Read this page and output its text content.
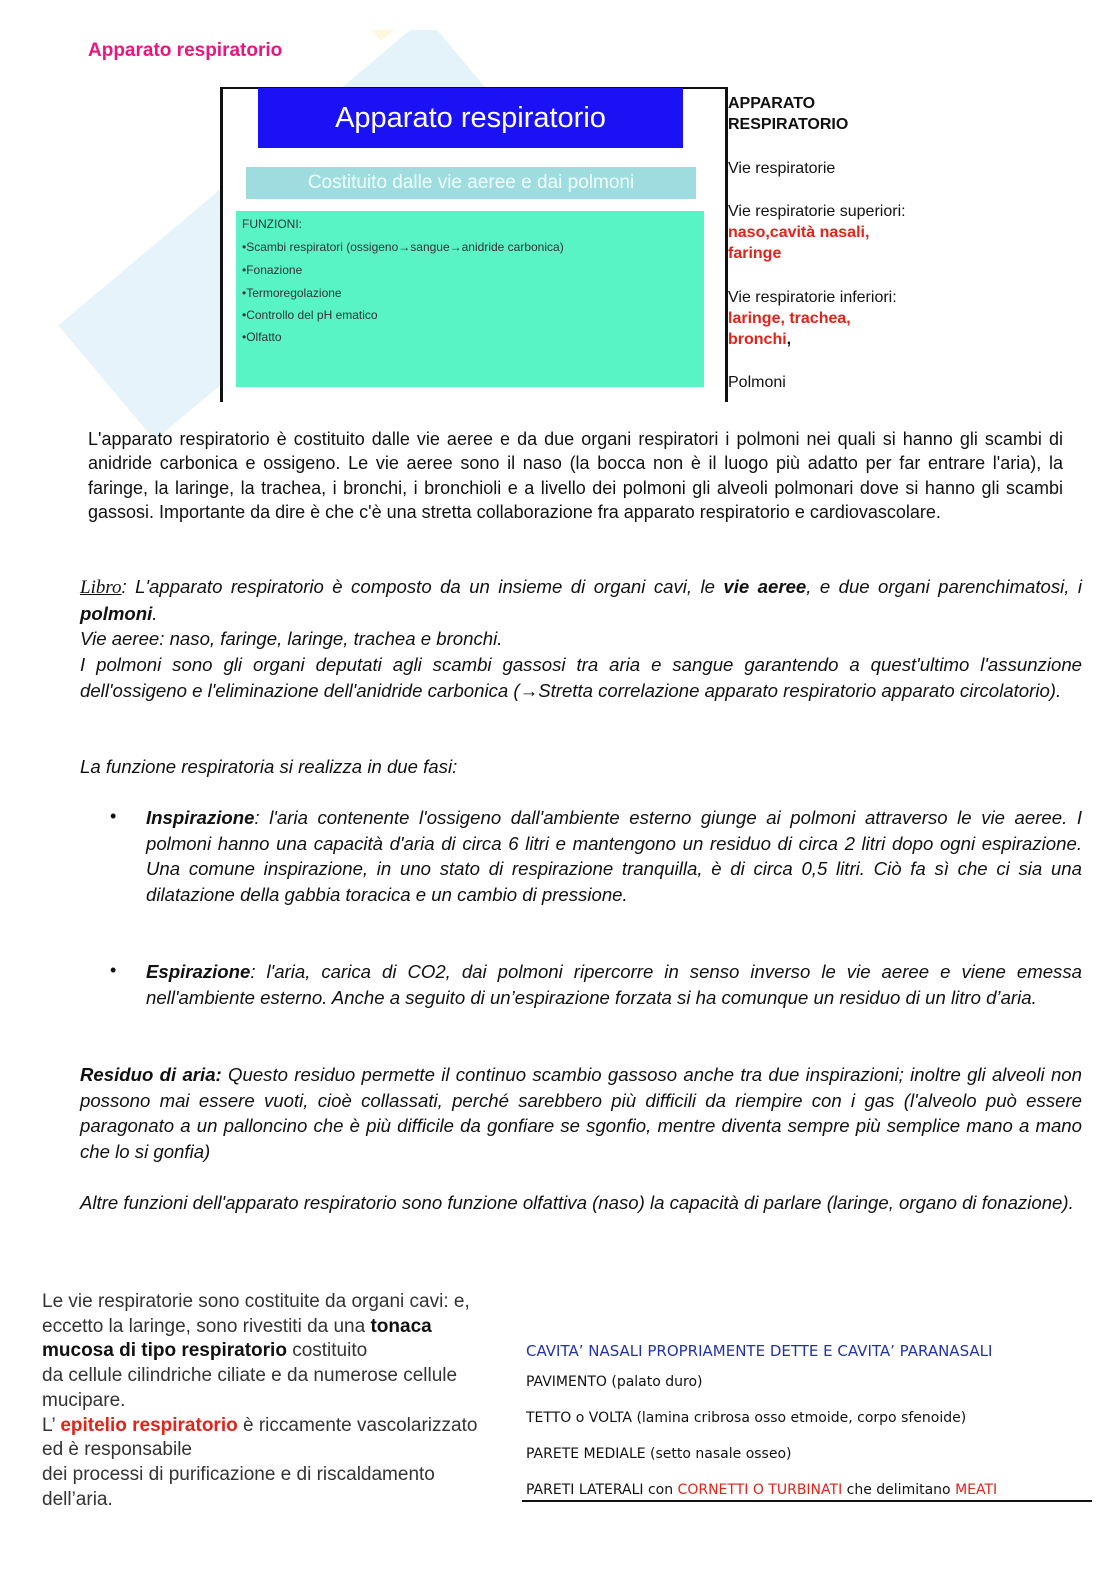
Apparato respiratorio
Apparato respiratorio
Costituito dalle vie aeree e dai polmoni
FUNZIONI:
•Scambi respiratori (ossigeno→sangue→anidride carbonica)
•Fonazione
•Termoregolazione
•Controllo del pH ematico
•Olfatto
APPARATO
RESPIRATORIO
Vie respiratorie
Vie respiratorie superiori:
naso,cavità nasali,
faringe
Vie respiratorie inferiori:
laringe, trachea,
bronchi,
Polmoni
L'apparato respiratorio è costituito dalle vie aeree e da due organi respiratori i polmoni nei quali si hanno gli scambi di anidride carbonica e ossigeno. Le vie aeree sono il naso (la bocca non è il luogo più adatto per far entrare l'aria), la faringe, la laringe, la trachea, i bronchi, i bronchioli e a livello dei polmoni gli alveoli polmonari dove si hanno gli scambi gassosi. Importante da dire è che c'è una stretta collaborazione fra apparato respiratorio e cardiovascolare.
Libro: L'apparato respiratorio è composto da un insieme di organi cavi, le vie aeree, e due organi parenchimatosi, i polmoni.
Vie aeree: naso, faringe, laringe, trachea e bronchi.
I polmoni sono gli organi deputati agli scambi gassosi tra aria e sangue garantendo a quest'ultimo l'assunzione dell'ossigeno e l'eliminazione dell'anidride carbonica (→Stretta correlazione apparato respiratorio apparato circolatorio).
La funzione respiratoria si realizza in due fasi:
• Inspirazione: l'aria contenente l'ossigeno dall'ambiente esterno giunge ai polmoni attraverso le vie aeree. I polmoni hanno una capacità d'aria di circa 6 litri e mantengono un residuo di circa 2 litri dopo ogni espirazione. Una comune inspirazione, in uno stato di respirazione tranquilla, è di circa 0,5 litri. Ciò fa sì che ci sia una dilatazione della gabbia toracica e un cambio di pressione.
• Espirazione: l'aria, carica di CO2, dai polmoni ripercorre in senso inverso le vie aeree e viene emessa nell'ambiente esterno. Anche a seguito di un’espirazione forzata si ha comunque un residuo di un litro d’aria.
Residuo di aria: Questo residuo permette il continuo scambio gassoso anche tra due inspirazioni; inoltre gli alveoli non possono mai essere vuoti, cioè collassati, perché sarebbero più difficili da riempire con i gas (l'alveolo può essere paragonato a un palloncino che è più difficile da gonfiare se sgonfio, mentre diventa sempre più semplice mano a mano che lo si gonfia)
Altre funzioni dell'apparato respiratorio sono funzione olfattiva (naso) la capacità di parlare (laringe, organo di fonazione).
Le vie respiratorie sono costituite da organi cavi: e,
eccetto la laringe, sono rivestiti da una tonaca
mucosa di tipo respiratorio costituito
da cellule cilindriche ciliate e da numerose cellule
mucipare.
L’ epitelio respiratorio è riccamente vascolarizzato
ed è responsabile
dei processi di purificazione e di riscaldamento
dell’aria.
CAVITA’ NASALI PROPRIAMENTE DETTE E CAVITA’ PARANASALI
PAVIMENTO (palato duro)
TETTO o VOLTA (lamina cribrosa osso etmoide, corpo sfenoide)
PARETE MEDIALE (setto nasale osseo)
PARETI LATERALI con CORNETTI O TURBINATI che delimitano MEATI
